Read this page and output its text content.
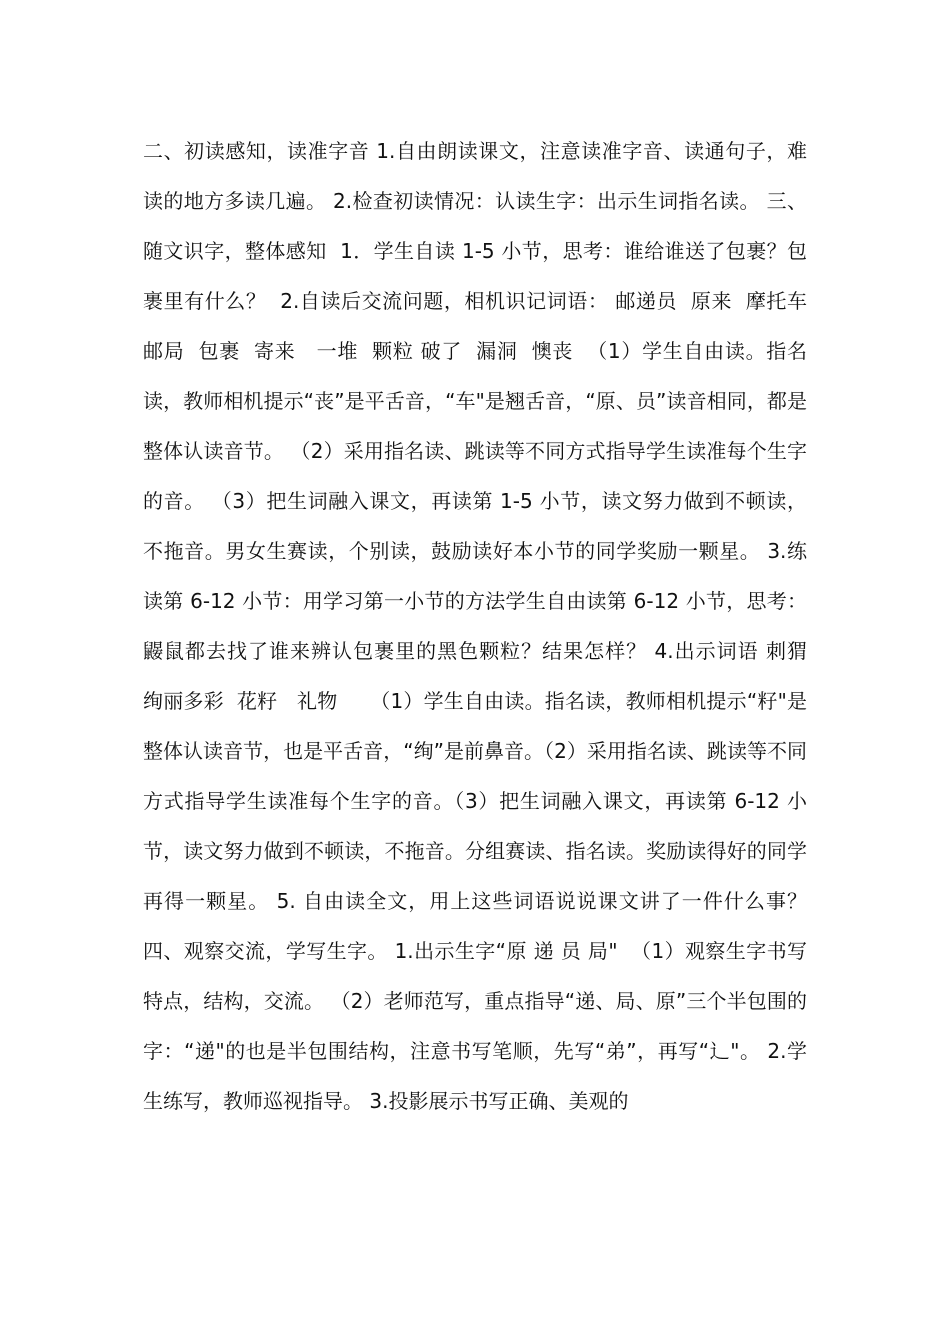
二、初读感知，读准字音 1.自由朗读课文，注意读准字音、读通句子，难读的地方多读几遍。 2.检查初读情况：认读生字：出示生词指名读。 三、随文识字，整体感知  1．学生自读 1-5 小节，思考：谁给谁送了包裹？包裹里有什么？  2.自读后交流问题，相机识记词语： 邮递员  原来  摩托车 邮局  包裹  寄来   一堆  颗粒 破了  漏洞  懊丧  （1）学生自由读。指名读，教师相机提示“丧”是平舌音，“车"是翘舌音，“原、员”读音相同，都是整体认读音节。 （2）采用指名读、跳读等不同方式指导学生读准每个生字的音。 （3）把生词融入课文，再读第 1-5 小节，读文努力做到不顿读，不拖音。男女生赛读，个别读，鼓励读好本小节的同学奖励一颗星。 3.练读第 6-12 小节：用学习第一小节的方法学生自由读第 6-12 小节，思考：鼹鼠都去找了谁来辨认包裹里的黑色颗粒？结果怎样？ 4.出示词语 刺猬     绚丽多彩  花籽   礼物     （1）学生自由读。指名读，教师相机提示“籽"是整体认读音节，也是平舌音，“绚”是前鼻音。（2）采用指名读、跳读等不同方式指导学生读准每个生字的音。（3）把生词融入课文，再读第 6-12 小节，读文努力做到不顿读，不拖音。分组赛读、指名读。奖励读得好的同学再得一颗星。 5. 自由读全文，用上这些词语说说课文讲了一件什么事？ 四、观察交流，学写生字。 1.出示生字“原 递 员 局"  （1）观察生字书写特点，结构，交流。 （2）老师范写，重点指导“递、局、原”三个半包围的字：“递"的也是半包围结构，注意书写笔顺，先写“弟”，再写“辶"。 2.学生练写，教师巡视指导。 3.投影展示书写正确、美观的
